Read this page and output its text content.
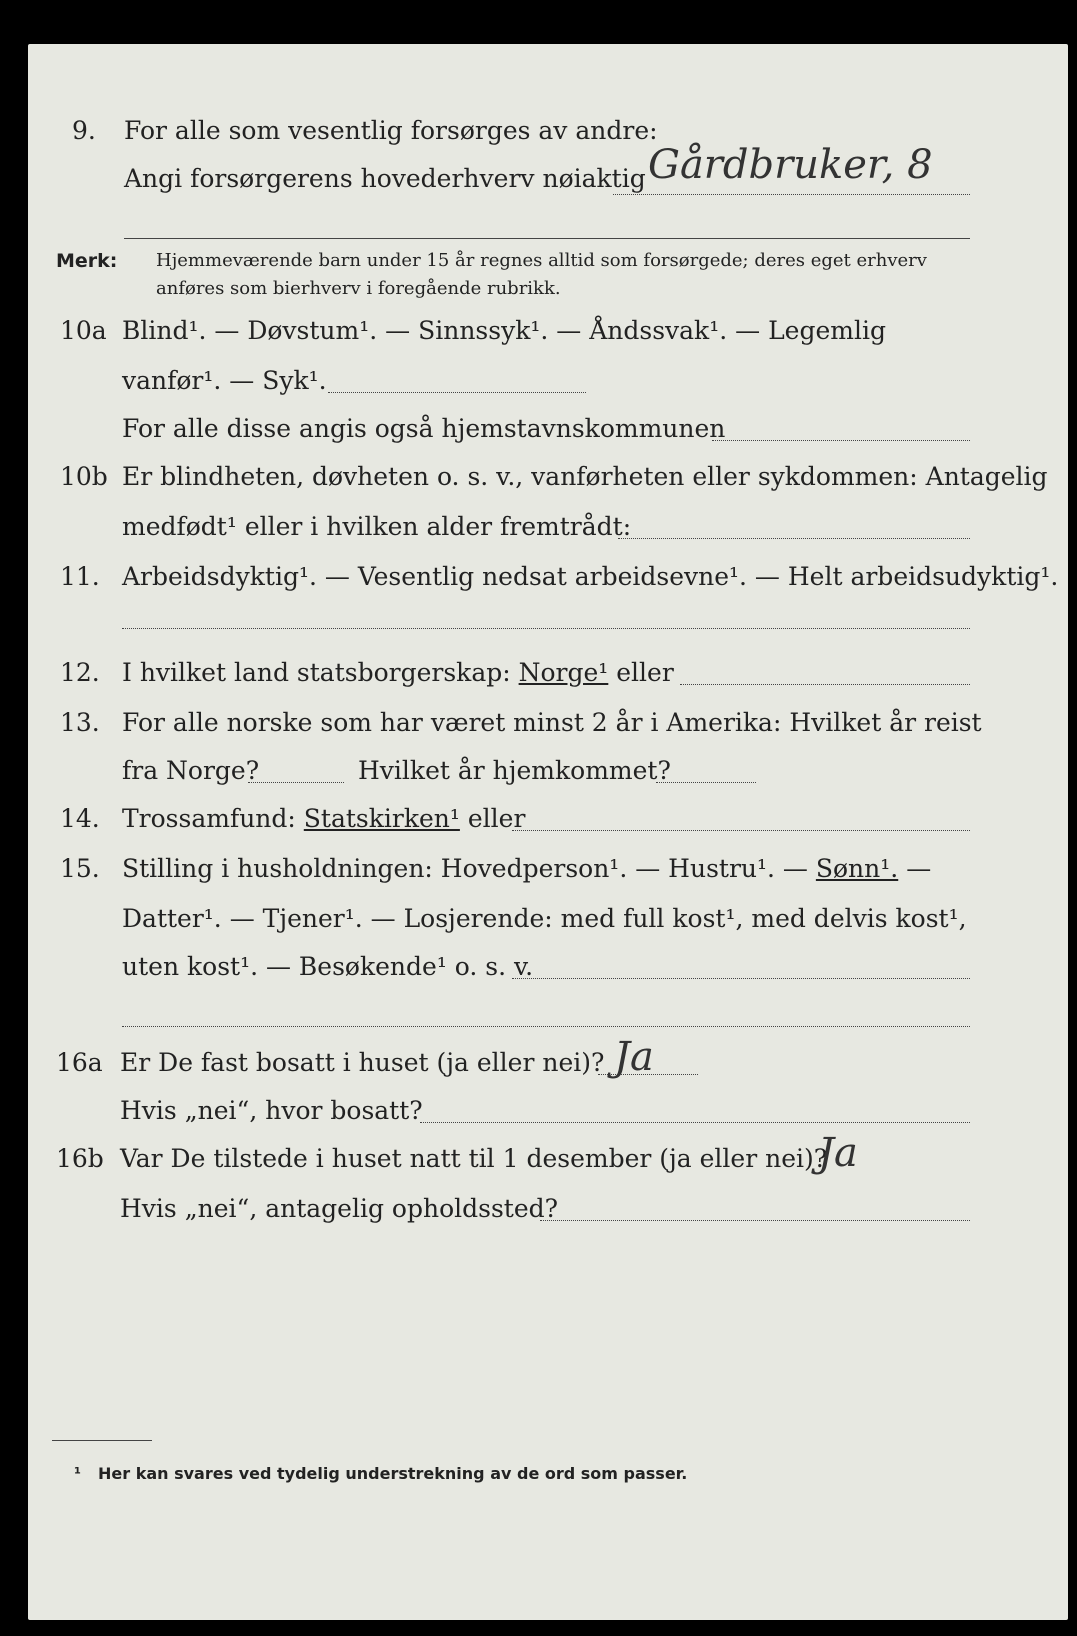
9.	For alle som vesentlig forsørges av andre:
Angi forsørgerens hovederhverv nøiaktig Gårdbruker, 8
Merk: Hjemmeværende barn under 15 år regnes alltid som forsørgede; deres eget erhverv
anføres som bierhverv i foregående rubrikk.
10a Blind¹. — Døvstum¹. — Sinnssyk¹. — Åndssvak¹. — Legemlig
vanfør¹. — Syk¹.
For alle disse angis også hjemstavnskommunen
10b Er blindheten, døvheten o. s. v., vanførheten eller sykdommen: Antagelig
medfødt¹ eller i hvilken alder fremtrådt:
11. Arbeidsdyktig¹. — Vesentlig nedsat arbeidsevne¹. — Helt arbeidsudyktig¹.
12. I hvilket land statsborgerskap: Norge¹ eller
13. For alle norske som har været minst 2 år i Amerika: Hvilket år reist
fra Norge?	Hvilket år hjemkommet?
14. Trossamfund: Statskirken¹ eller
15. Stilling i husholdningen: Hovedperson¹. — Hustru¹. — Sønn¹. —
Datter¹. — Tjener¹. — Losjerende: med full kost¹, med delvis kost¹,
uten kost¹. — Besøkende¹ o. s. v.
16a Er De fast bosatt i huset (ja eller nei)? Ja
Hvis „nei“, hvor bosatt?
16b Var De tilstede i huset natt til 1 desember (ja eller nei)?
Ja
Hvis „nei“, antagelig opholdssted?
¹ Her kan svares ved tydelig understrekning av de ord som passer.
